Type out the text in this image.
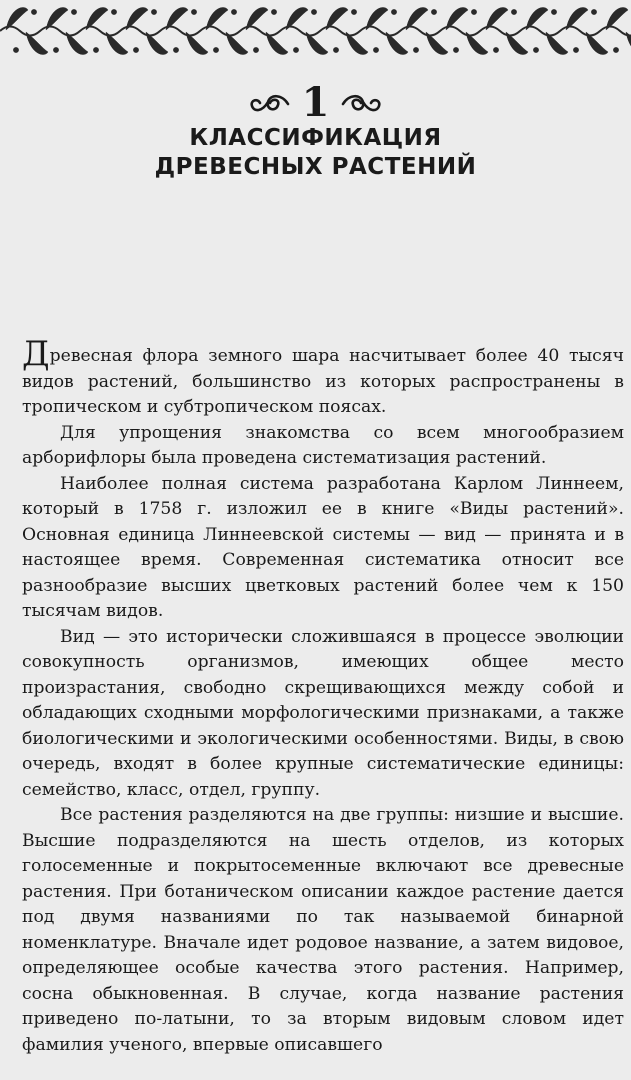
1
КЛАССИФИКАЦИЯ
ДРЕВЕСНЫХ РАСТЕНИЙ

Древесная флора земного шара насчитывает более 40 тысяч видов растений, большинство из которых распространены в тропическом и субтропическом поясах.

Для упрощения знакомства со всем многообразием арборифлоры была проведена систематизация растений.

Наиболее полная система разработана Карлом Линнеем, который в 1758 г. изложил ее в книге «Виды растений». Основная единица Линнеевской системы — вид — принята и в настоящее время. Современная систематика относит все разнообразие высших цветковых растений более чем к 150 тысячам видов.

Вид — это исторически сложившаяся в процессе эволюции совокупность организмов, имеющих общее место произрастания, свободно скрещивающихся между собой и обладающих сходными морфологическими признаками, а также биологическими и экологическими особенностями. Виды, в свою очередь, входят в более крупные систематические единицы: семейство, класс, отдел, группу.

Все растения разделяются на две группы: низшие и высшие. Высшие подразделяются на шесть отделов, из которых голосеменные и покрытосеменные включают все древесные растения. При ботаническом описании каждое растение дается под двумя названиями по так называемой бинарной номенклатуре. Вначале идет родовое название, а затем видовое, определяющее особые качества этого растения. Например, сосна обыкновенная. В случае, когда название растения приведено по-латыни, то за вторым видовым словом идет фамилия ученого, впервые описавшего
